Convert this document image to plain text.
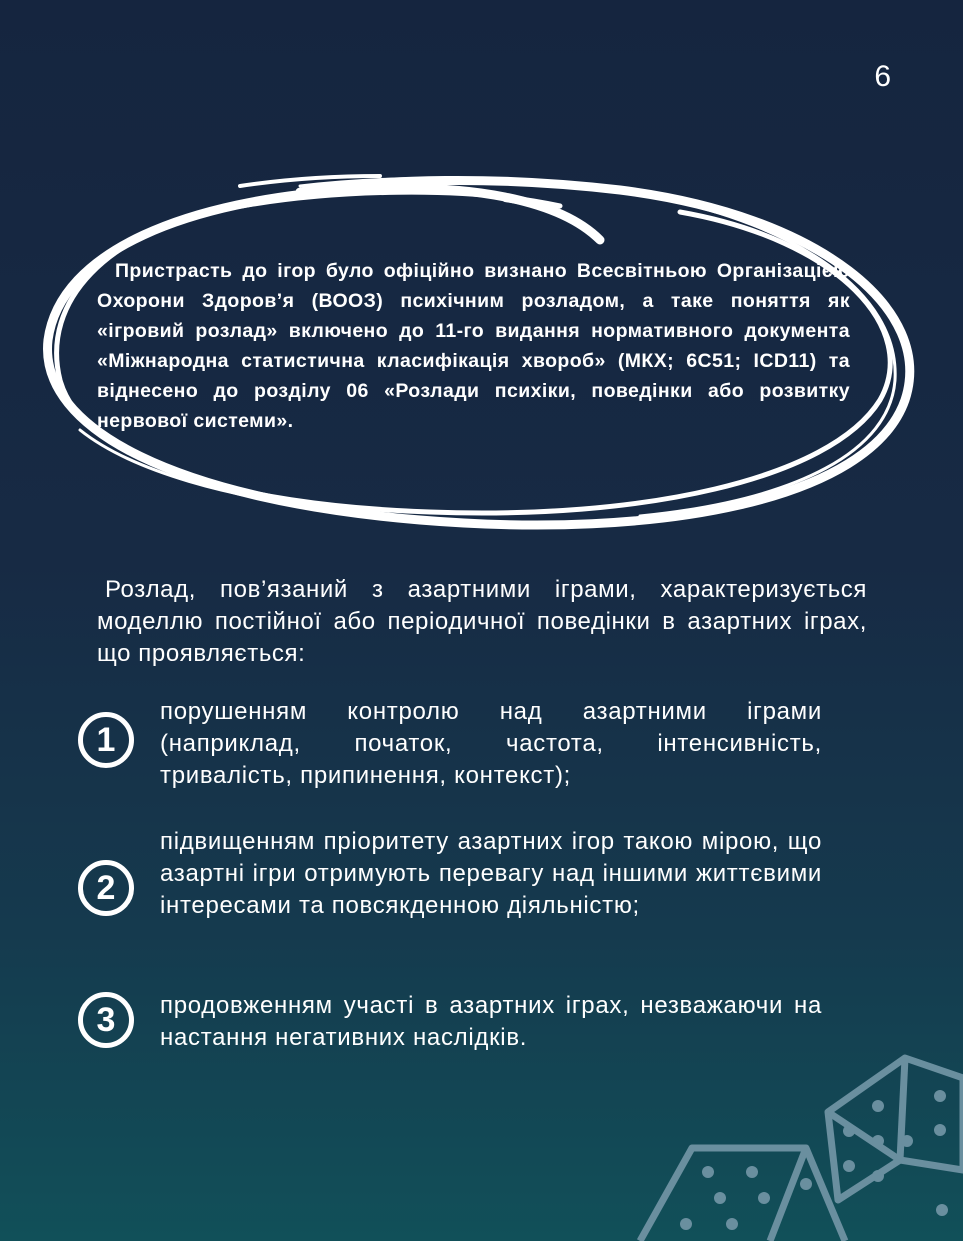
6
Пристрасть до ігор було офіційно визнано Всесвітньою Організацією Охорони Здоров’я (ВООЗ) психічним розладом, а таке поняття як «ігровий розлад» включено до 11-го видання нормативного документа «Міжнародна статистична класифікація хвороб» (МКХ; 6C51; ICD11) та віднесено до розділу 06 «Розлади психіки, поведінки або розвитку нервової системи».
Розлад, пов’язаний з азартними іграми, характеризується моделлю постійної або періодичної поведінки в азартних іграх, що проявляється:
1
порушенням контролю над азартними іграми (наприклад, початок, частота, інтенсивність, тривалість, припинення, контекст);
2
підвищенням пріоритету азартних ігор такою мірою, що азартні ігри отримують перевагу над іншими життєвими інтересами та повсякденною діяльністю;
3	продовженням участі в азартних іграх, незважаючи на настання негативних наслідків.
